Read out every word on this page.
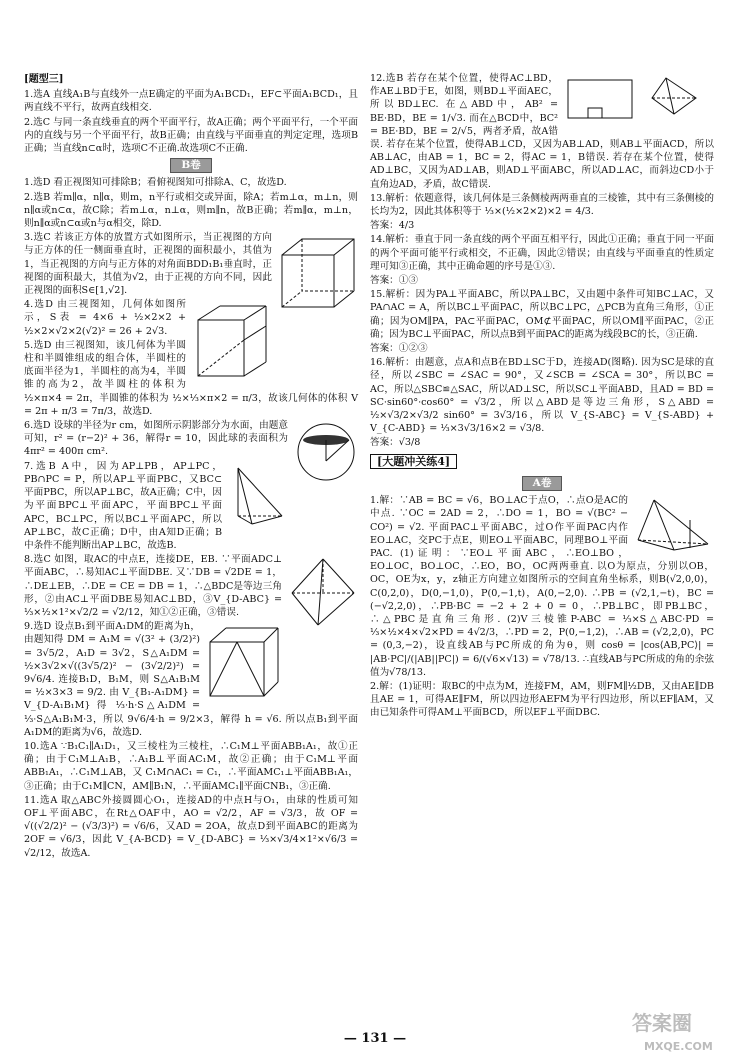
[题型三]
1.选A 直线A₁B与直线外一点E确定的平面为A₁BCD₁，EF⊂平面A₁BCD₁，且两直线不平行，故两直线相交.
2.选C 与同一条直线垂直的两个平面平行，故A正确；两个平面平行，一个平面内的直线与另一个平面平行，故B正确；由直线与平面垂直的判定定理，选项B正确；当直线n⊂α时，选项C不正确.故选项C不正确.
B卷
1.选D 看正视图知可排除B；看俯视图知可排除A、C，故选D.
2.选B 若m∥α，n∥α，则m，n平行或相交或异面，除A；若m⊥α，m⊥n，则n∥α或n⊂α，故C除；若m⊥α，n⊥α，则m∥n，故B正确；若m∥α，m⊥n，则n∥α或n⊂α或n与α相交，除D.
3.选C 若该正方体的放置方式如图所示，当正视图的方向与正方体的任一侧面垂直时，正视图的面积最小，其值为1，当正视图的方向与正方体的对角面BDD₁B₁垂直时，正视图的面积最大，其值为√2，由于正视的方向不同，因此正视图的面积S∈[1,√2].
4.选D 由三视图知，几何体如图所示，S表 = 4×6 + ½×2×2 + ½×2×√2×2(√2)² = 26 + 2√3.
5.选D 由三视图知，该几何体为半圆柱和半圆锥组成的组合体，半圆柱的底面半径为1，半圆柱的高为4，半圆锥的高为2，故半圆柱的体积为 ½×π×4 = 2π，半圆锥的体积为 ½×⅓×π×2 = π/3，故该几何体的体积 V = 2π + π/3 = 7π/3，故选D.
6.选D 设球的半径为r cm，如图所示阴影部分为水面，由题意可知，r² = (r−2)² + 36，解得r = 10，因此球的表面积为 4πr² = 400π cm².
7.选B A中，因为AP⊥PB，AP⊥PC，PB∩PC = P，所以AP⊥平面PBC，又BC⊂平面PBC，所以AP⊥BC，故A正确；C中，因为平面BPC⊥平面APC，平面BPC⊥平面APC，BC⊥PC，所以BC⊥平面APC，所以AP⊥BC，故C正确；D中，由A知D正确；B中条件不能判断出AP⊥BC，故选B.
8.选C 如图，取AC的中点E，连接DE，EB. ∵平面ADC⊥平面ABC，∴易知AC⊥平面DBE. 又∵DB = √2DE = 1，∴DE⊥EB，∴DE = CE = DB = 1，∴△BDC是等边三角形，②由AC⊥平面DBE易知AC⊥BD，③V_{D-ABC} = ⅓×½×1²×√2/2 = √2/12，知①②正确，③错误.
9.选D 设点B₁到平面A₁DM的距离为h，由题知得 DM = A₁M = √(3² + (3/2)²) = 3√5/2，A₁D = 3√2，S△A₁DM = ½×3√2×√((3√5/2)² − (3√2/2)²) = 9√6/4. 连接B₁D，B₁M，则 S△A₁B₁M = ½×3×3 = 9/2. 由 V_{B₁-A₁DM} = V_{D-A₁B₁M} 得 ⅓·h·S△A₁DM = ⅓·S△A₁B₁M·3，所以 9√6/4·h = 9/2×3，解得 h = √6. 所以点B₁到平面A₁DM的距离为√6，故选D.
10.选A ∵B₁C₁∥A₁D₁，又三棱柱为三棱柱，∴C₁M⊥平面ABB₁A₁，故①正确；由于C₁M⊥A₁B，∴A₁B⊥平面AC₁M，故②正确；由于C₁M⊥平面ABB₁A₁，∴C₁M⊥AB，又 C₁M∩AC₁ = C₁，∴平面AMC₁⊥平面ABB₁A₁，③正确；由于C₁M∥CN，AM∥B₁N，∴平面AMC₁∥平面CNB₁，③正确.
11.选A 取△ABC外接圆圆心O₁，连接AD的中点H与O₁，由球的性质可知OF⊥平面ABC，在Rt△OAF中，AO = √2/2，AF = √3/3，故 OF = √((√2/2)² − (√3/3)²) = √6/6，又AD = 2OA，故点D到平面ABC的距离为 2OF = √6/3，因此 V_{A-BCD} = V_{D-ABC} = ⅓×√3/4×1²×√6/3 = √2/12，故选A.
12.选B 若存在某个位置，使得AC⊥BD，作AE⊥BD于E，如图，则BD⊥平面AEC，所以BD⊥EC. 在△ABD中，AB² = BE·BD，BE = 1/√3. 而在△BCD中，BC² = BE·BD，BE = 2/√5，两者矛盾，故A错误. 若存在某个位置，使得AB⊥CD，又因为AB⊥AD，则AB⊥平面ACD，所以AB⊥AC，由AB = 1，BC = 2，得AC = 1，B错误. 若存在某个位置，使得AD⊥BC，又因为AD⊥AB，则AD⊥平面ABC，所以AD⊥AC，而斜边CD小于直角边AD，矛盾，故C错误.
13.解析：依题意得，该几何体是三条侧棱两两垂直的三棱锥，其中有三条侧棱的长均为2，因此其体积等于 ⅓×(½×2×2)×2 = 4/3.
答案：4/3
14.解析：垂直于同一条直线的两个平面互相平行，因此①正确；垂直于同一平面的两个平面可能平行或相交，不正确，因此②错误；由直线与平面垂直的性质定理可知③正确，其中正确命题的序号是①③.
答案：①③
15.解析：因为PA⊥平面ABC，所以PA⊥BC，又由题中条件可知BC⊥AC，又PA∩AC = A，所以BC⊥平面PAC，所以BC⊥PC，△PCB为直角三角形，①正确；因为OM∥PA，PA⊂平面PAC，OM⊄平面PAC，所以OM∥平面PAC，②正确；因为BC⊥平面PAC，所以点B到平面PAC的距离为线段BC的长，③正确.
答案：①②③
16.解析：由题意，点A和点B在BD⊥SC于D，连接AD(图略). 因为SC是球的直径，所以∠SBC = ∠SAC = 90°，又∠SCB = ∠SCA = 30°，所以BC = AC，所以△SBC≌△SAC，所以AD⊥SC，所以SC⊥平面ABD，且AD = BD = SC·sin60°·cos60° = √3/2，所以△ABD是等边三角形，S△ABD = ½×√3/2×√3/2 sin60° = 3√3/16，所以 V_{S-ABC} = V_{S-ABD} + V_{C-ABD} = ⅓×3√3/16×2 = √3/8.
答案：√3/8
[大题冲关练4]
A卷
1.解：∵AB = BC = √6，BO⊥AC于点O，∴点O是AC的中点. ∵OC = 2AD = 2，∴DO = 1，BO = √(BC² − CO²) = √2. 平面PAC⊥平面ABC，过O作平面PAC内作EO⊥AC，交PC于点E，则EO⊥平面ABC，同理BO⊥平面PAC. (1)证明：∵EO⊥平面ABC，∴EO⊥BO，EO⊥OC，BO⊥OC，∴EO，BO，OC两两垂直. 以O为原点，分别以OB，OC，OE为x，y，z轴正方向建立如图所示的空间直角坐标系，则B(√2,0,0)，C(0,2,0)，D(0,−1,0)，P(0,−1,t)，A(0,−2,0). ∴PB = (√2,1,−t)，BC = (−√2,2,0)，∴PB·BC = −2 + 2 + 0 = 0，∴PB⊥BC，即PB⊥BC，∴△PBC是直角三角形. (2)V三棱锥P-ABC = ⅓×S△ABC·PD = ⅓×½×4×√2×PD = 4√2/3，∴PD = 2，P(0,−1,2)，∴AB = (√2,2,0)，PC = (0,3,−2)，设直线AB与PC所成的角为θ，则 cosθ = |cos⟨AB,PC⟩| = |AB·PC|/(|AB||PC|) = 6/(√6×√13) = √78/13. ∴直线AB与PC所成的角的余弦值为√78/13.
2.解：(1)证明：取BC的中点为M，连接FM，AM，则FM∥½DB，又由AE∥DB且AE = 1，可得AE∥FM，所以四边形AEFM为平行四边形，所以EF∥AM，又由已知条件可得AM⊥平面BCD，所以EF⊥平面DBC.
— 131 —
答案圈
MXQE.COM
